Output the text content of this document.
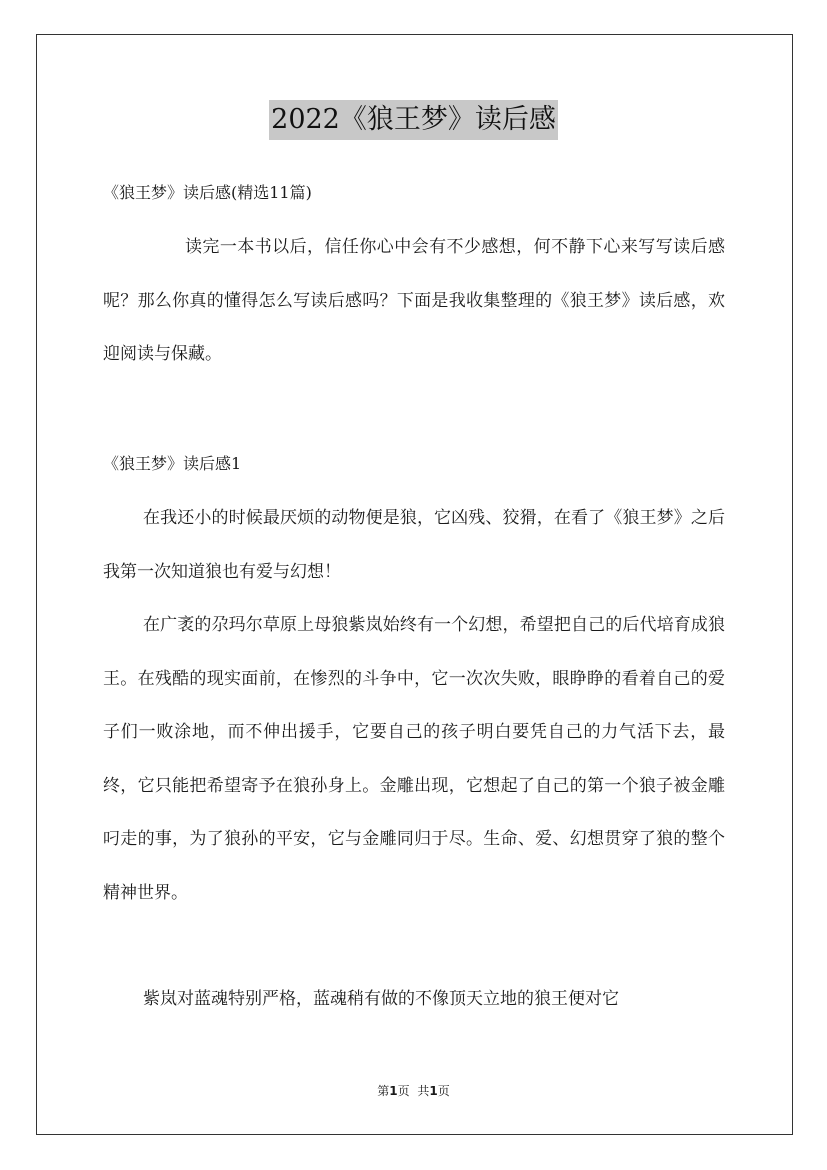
2022《狼王梦》读后感
《狼王梦》读后感(精选11篇)

读完一本书以后，信任你心中会有不少感想，何不静下心来写写读后感呢？那么你真的懂得怎么写读后感吗？下面是我收集整理的《狼王梦》读后感，欢迎阅读与保藏。

《狼王梦》读后感1

在我还小的时候最厌烦的动物便是狼，它凶残、狡猾，在看了《狼王梦》之后我第一次知道狼也有爱与幻想！

在广袤的尕玛尔草原上母狼紫岚始终有一个幻想，希望把自己的后代培育成狼王。在残酷的现实面前，在惨烈的斗争中，它一次次失败，眼睁睁的看着自己的爱子们一败涂地，而不伸出援手，它要自己的孩子明白要凭自己的力气活下去，最终，它只能把希望寄予在狼孙身上。金雕出现，它想起了自己的第一个狼子被金雕叼走的事，为了狼孙的平安，它与金雕同归于尽。生命、爱、幻想贯穿了狼的整个精神世界。

紫岚对蓝魂特别严格，蓝魂稍有做的不像顶天立地的狼王便对它

第1页 共1页
